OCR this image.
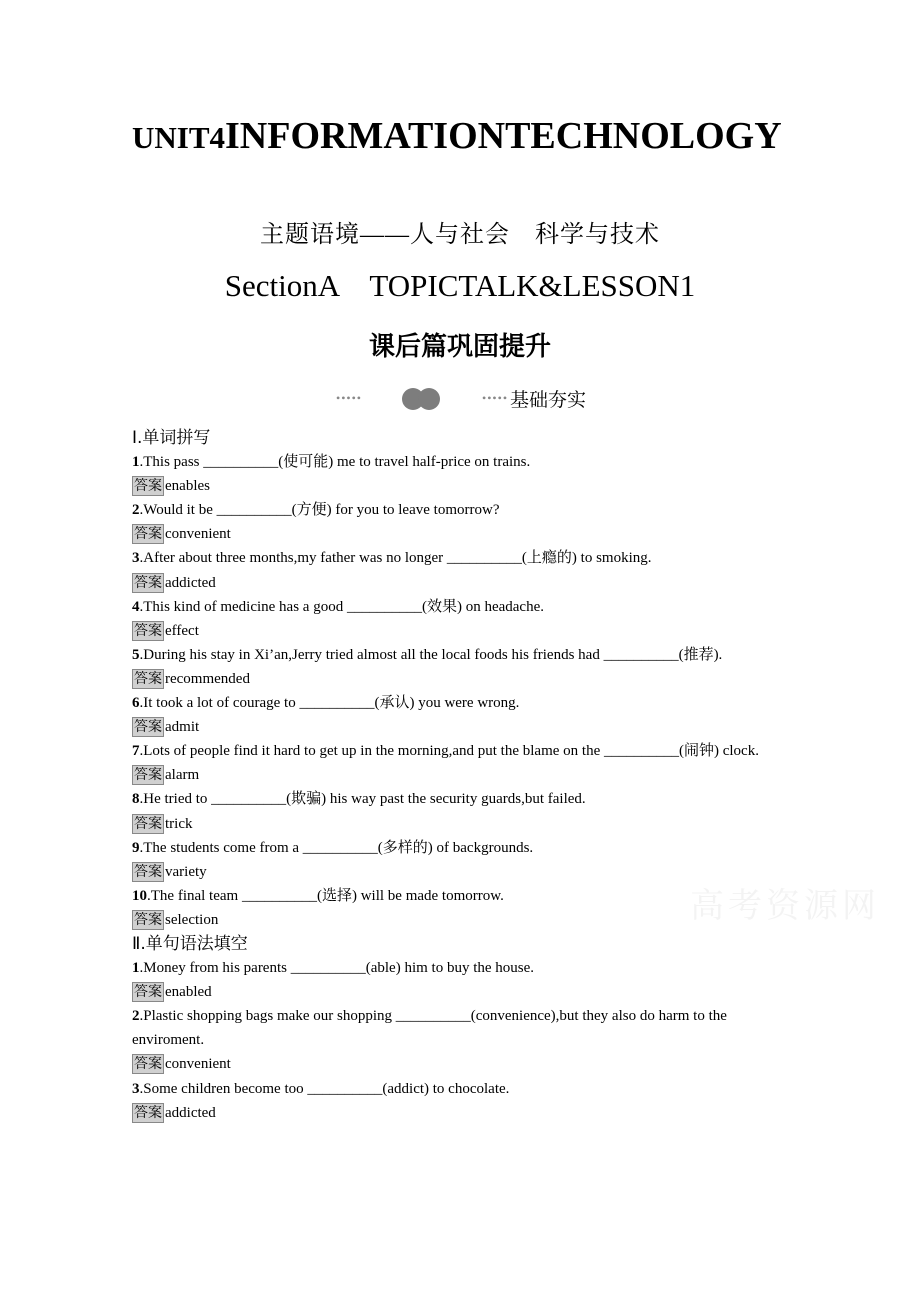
UNIT4INFORMATIONTECHNOLOGY
主题语境——人与社会　科学与技术
SectionA　TOPICTALK&LESSON1
课后篇巩固提升
•••••	••••• 基础夯实
Ⅰ.单词拼写
1.This pass __________(使可能) me to travel half-price on trains.
答案 enables
2.Would it be __________(方便) for you to leave tomorrow?
答案 convenient
3.After about three months,my father was no longer __________(上瘾的) to smoking.
答案 addicted
4.This kind of medicine has a good __________(效果) on headache.
答案 effect
5.During his stay in Xi’an,Jerry tried almost all the local foods his friends had __________(推荐).
答案 recommended
6.It took a lot of courage to __________(承认) you were wrong.
答案 admit
7.Lots of people find it hard to get up in the morning,and put the blame on the __________(闹钟) clock.
答案 alarm
8.He tried to __________(欺骗) his way past the security guards,but failed.
答案 trick
9.The students come from a __________(多样的) of backgrounds.
答案 variety
10.The final team __________(选择) will be made tomorrow.
答案 selection
Ⅱ.单句语法填空
1.Money from his parents __________(able) him to buy the house.
答案 enabled
2.Plastic shopping bags make our shopping __________(convenience),but they also do harm to the enviroment.
答案 convenient
3.Some children become too __________(addict) to chocolate.
答案 addicted
高考资源网
